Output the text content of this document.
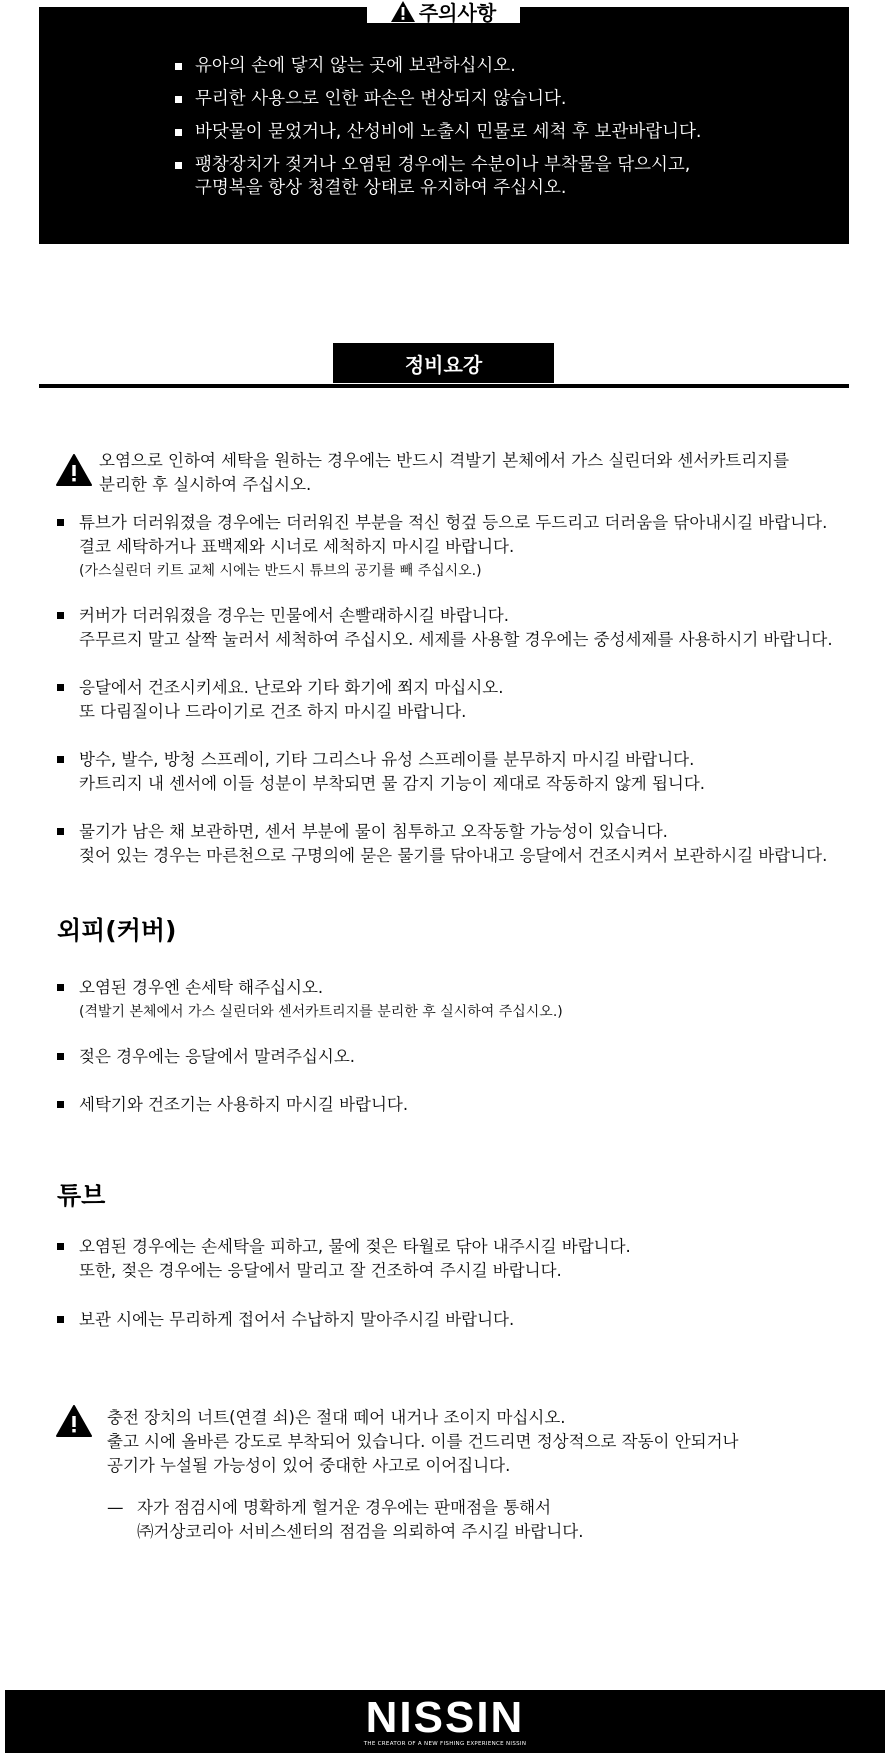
유아의 손에 닿지 않는 곳에 보관하십시오.
무리한 사용으로 인한 파손은 변상되지 않습니다.
바닷물이 묻었거나, 산성비에 노출시 민물로 세척 후 보관바랍니다.
팽창장치가 젖거나 오염된 경우에는 수분이나 부착물을 닦으시고,
구명복을 항상 청결한 상태로 유지하여 주십시오.
주의사항
정비요강
오염으로 인하여 세탁을 원하는 경우에는 반드시 격발기 본체에서 가스 실린더와 센서카트리지를
분리한 후 실시하여 주십시오.
튜브가 더러워졌을 경우에는 더러워진 부분을 적신 헝겊 등으로 두드리고 더러움을 닦아내시길 바랍니다.
결코 세탁하거나 표백제와 시너로 세척하지 마시길 바랍니다.
(가스실린더 키트 교체 시에는 반드시 튜브의 공기를 빼 주십시오.)
커버가 더러워졌을 경우는 민물에서 손빨래하시길 바랍니다.
주무르지 말고 살짝 눌러서 세척하여 주십시오. 세제를 사용할 경우에는 중성세제를 사용하시기 바랍니다.
응달에서 건조시키세요. 난로와 기타 화기에 쬐지 마십시오.
또 다림질이나 드라이기로 건조 하지 마시길 바랍니다.
방수, 발수, 방청 스프레이, 기타 그리스나 유성 스프레이를 분무하지 마시길 바랍니다.
카트리지 내 센서에 이들 성분이 부착되면 물 감지 기능이 제대로 작동하지 않게 됩니다.
물기가 남은 채 보관하면, 센서 부분에 물이 침투하고 오작동할 가능성이 있습니다.
젖어 있는 경우는 마른천으로 구명의에 묻은 물기를 닦아내고 응달에서 건조시켜서 보관하시길 바랍니다.
외피(커버)
오염된 경우엔 손세탁 해주십시오.
(격발기 본체에서 가스 실린더와 센서카트리지를 분리한 후 실시하여 주십시오.)
젖은 경우에는 응달에서 말려주십시오.
세탁기와 건조기는 사용하지 마시길 바랍니다.
튜브
오염된 경우에는 손세탁을 피하고, 물에 젖은 타월로 닦아 내주시길 바랍니다.
또한, 젖은 경우에는 응달에서 말리고 잘 건조하여 주시길 바랍니다.
보관 시에는 무리하게 접어서 수납하지 말아주시길 바랍니다.
충전 장치의 너트(연결 쇠)은 절대 떼어 내거나 조이지 마십시오.
출고 시에 올바른 강도로 부착되어 있습니다. 이를 건드리면 정상적으로 작동이 안되거나
공기가 누설될 가능성이 있어 중대한 사고로 이어집니다.
— 자가 점검시에 명확하게 헐거운 경우에는 판매점을 통해서
㈜거상코리아 서비스센터의 점검을 의뢰하여 주시길 바랍니다.
NISSIN
THE CREATOR OF A NEW FISHING EXPERIENCE NISSIN
